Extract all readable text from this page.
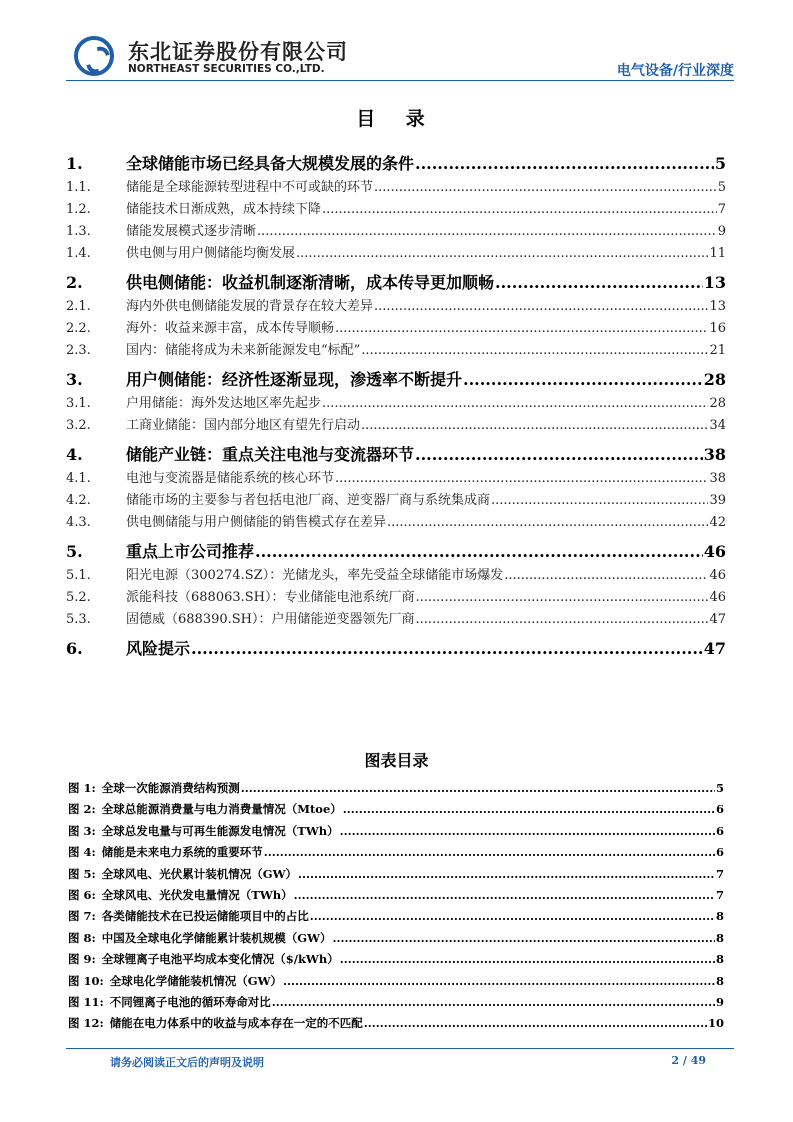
东北证券股份有限公司
NORTHEAST SECURITIES CO.,LTD.	电气设备/行业深度
目 录
1.	全球储能市场已经具备大规模发展的条件 .....	5
1.1.	储能是全球能源转型进程中不可或缺的环节 .....	5
1.2.	储能技术日渐成熟，成本持续下降 .....	7
1.3.	储能发展模式逐步清晰 .....	9
1.4.	供电侧与用户侧储能均衡发展 .....	11
2.	供电侧储能：收益机制逐渐清晰，成本传导更加顺畅 .....	13
2.1.	海内外供电侧储能发展的背景存在较大差异 .....	13
2.2.	海外：收益来源丰富，成本传导顺畅 .....	16
2.3.	国内：储能将成为未来新能源发电“标配” .....	21
3.	用户侧储能：经济性逐渐显现，渗透率不断提升 .....	28
3.1.	户用储能：海外发达地区率先起步 .....	28
3.2.	工商业储能：国内部分地区有望先行启动 .....	34
4.	储能产业链：重点关注电池与变流器环节 .....	38
4.1.	电池与变流器是储能系统的核心环节 .....	38
4.2.	储能市场的主要参与者包括电池厂商、逆变器厂商与系统集成商 .....	39
4.3.	供电侧储能与用户侧储能的销售模式存在差异 .....	42
5.	重点上市公司推荐 .....	46
5.1.	阳光电源（300274.SZ）：光储龙头，率先受益全球储能市场爆发 .....	46
5.2.	派能科技（688063.SH）：专业储能电池系统厂商 .....	46
5.3.	固德威（688390.SH）：户用储能逆变器领先厂商 .....	47
6.	风险提示 .....	47
图表目录
图 1: 全球一次能源消费结构预测 .....	5
图 2: 全球总能源消费量与电力消费量情况（Mtoe） .....	6
图 3: 全球总发电量与可再生能源发电情况（TWh） .....	6
图 4: 储能是未来电力系统的重要环节 .....	6
图 5: 全球风电、光伏累计装机情况（GW） .....	7
图 6: 全球风电、光伏发电量情况（TWh） .....	7
图 7: 各类储能技术在已投运储能项目中的占比 .....	8
图 8: 中国及全球电化学储能累计装机规模（GW） .....	8
图 9: 全球锂离子电池平均成本变化情况（$/kWh） .....	8
图 10: 全球电化学储能装机情况（GW） .....	8
图 11: 不同锂离子电池的循环寿命对比 .....	9
图 12: 储能在电力体系中的收益与成本存在一定的不匹配 .....	10
请务必阅读正文后的声明及说明	2 / 49
